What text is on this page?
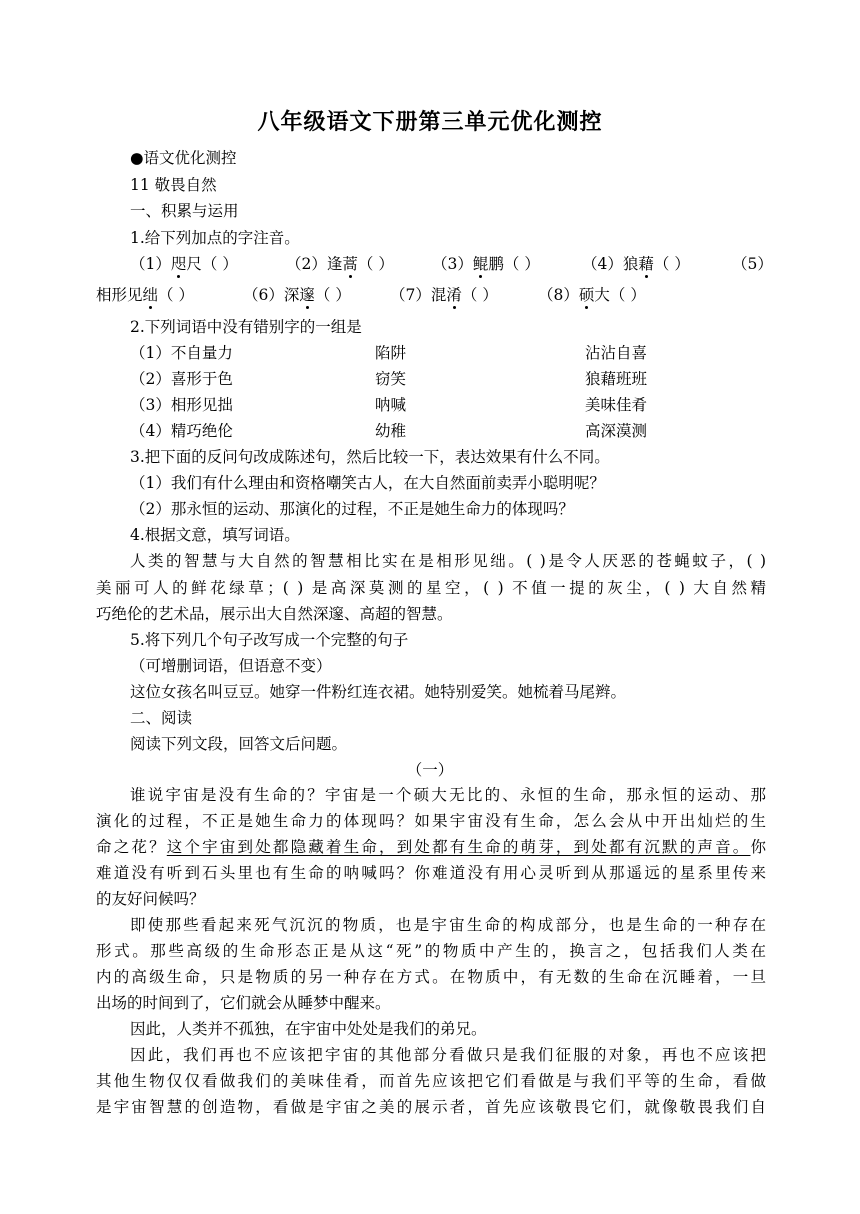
八年级语文下册第三单元优化测控
●语文优化测控
11 敬畏自然
一、积累与运用
1.给下列加点的字注音。
（1）咫尺（ ）	（2）逢蒿（ ） （3）鲲鹏（ ）	（4）狼藉（ ）	（5）
相形见绌（ ）	（6）深邃（ ）	（7）混淆（ ）	（8）硕大（ ）
2.下列词语中没有错别字的一组是
（1）不自量力	陷阱	沾沾自喜
（2）喜形于色	窃笑	狼藉班班
（3）相形见拙	呐喊	美味佳肴
（4）精巧绝伦	幼稚	高深漠测
3.把下面的反问句改成陈述句，然后比较一下，表达效果有什么不同。
（1）我们有什么理由和资格嘲笑古人，在大自然面前卖弄小聪明呢？
（2）那永恒的运动、那演化的过程，不正是她生命力的体现吗？
4.根据文意，填写词语。
人类的智慧与大自然的智慧相比实在是相形见绌。( )是令人厌恶的苍蝇蚊子，( )
美丽可人的鲜花绿草；( ) 是高深莫测的星空，( ) 不值一提的灰尘，( ) 大自然精
巧绝伦的艺术品，展示出大自然深邃、高超的智慧。
5.将下列几个句子改写成一个完整的句子
（可增删词语，但语意不变）
这位女孩名叫豆豆。她穿一件粉红连衣裙。她特别爱笑。她梳着马尾辫。
二、阅读
阅读下列文段，回答文后问题。
（一）
谁说宇宙是没有生命的？宇宙是一个硕大无比的、永恒的生命，那永恒的运动、那
演化的过程，不正是她生命力的体现吗？如果宇宙没有生命，怎么会从中开出灿烂的生
命之花？这个宇宙到处都隐藏着生命，到处都有生命的萌芽，到处都有沉默的声音。你
难道没有听到石头里也有生命的呐喊吗？你难道没有用心灵听到从那遥远的星系里传来
的友好问候吗？
即使那些看起来死气沉沉的物质，也是宇宙生命的构成部分，也是生命的一种存在
形式。那些高级的生命形态正是从这“死”的物质中产生的，换言之，包括我们人类在
内的高级生命，只是物质的另一种存在方式。在物质中，有无数的生命在沉睡着，一旦
出场的时间到了，它们就会从睡梦中醒来。
因此，人类并不孤独，在宇宙中处处是我们的弟兄。
因此，我们再也不应该把宇宙的其他部分看做只是我们征服的对象，再也不应该把
其他生物仅仅看做我们的美味佳肴，而首先应该把它们看做是与我们平等的生命，看做
是宇宙智慧的创造物，看做是宇宙之美的展示者，首先应该敬畏它们，就像敬畏我们自
